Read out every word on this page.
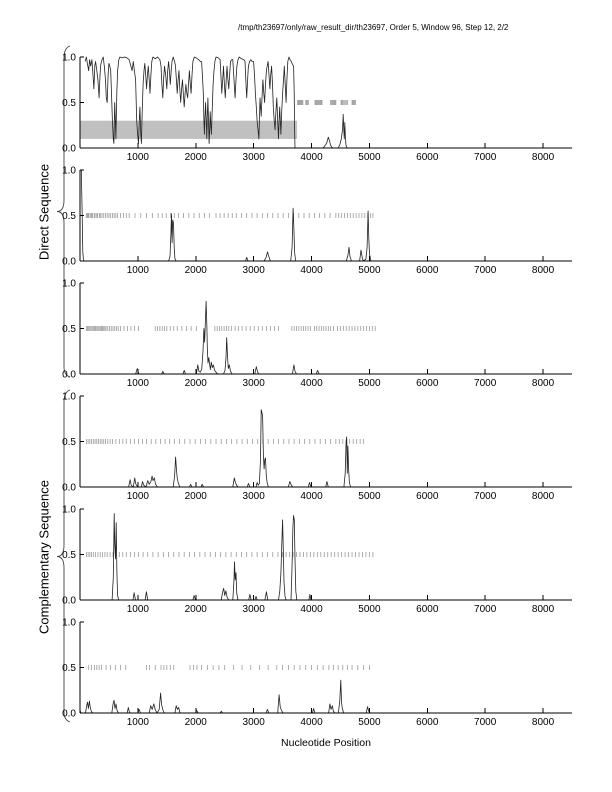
/tmp/th23697/only/raw_result_dir/th23697, Order 5, Window 96, Step 12, 2/2
Direct Sequence
Complementary Sequence
1000	2000	3000	4000	5000	6000	7000	8000
0.0
0.5
1.0
1000	2000	3000	4000	5000	6000	7000	8000
0.0
0.5
1.0
1000	2000	3000	4000	5000	6000	7000	8000
0.0
0.5
1.0
1000	2000	3000	4000	5000	6000	7000	8000
0.0
0.5
1.0
1000	2000	3000	4000	5000	6000	7000	8000
0.0
0.5
1.0
1000	2000	3000	4000	5000	6000	7000	8000
0.0
0.5
1.0
Nucleotide Position
